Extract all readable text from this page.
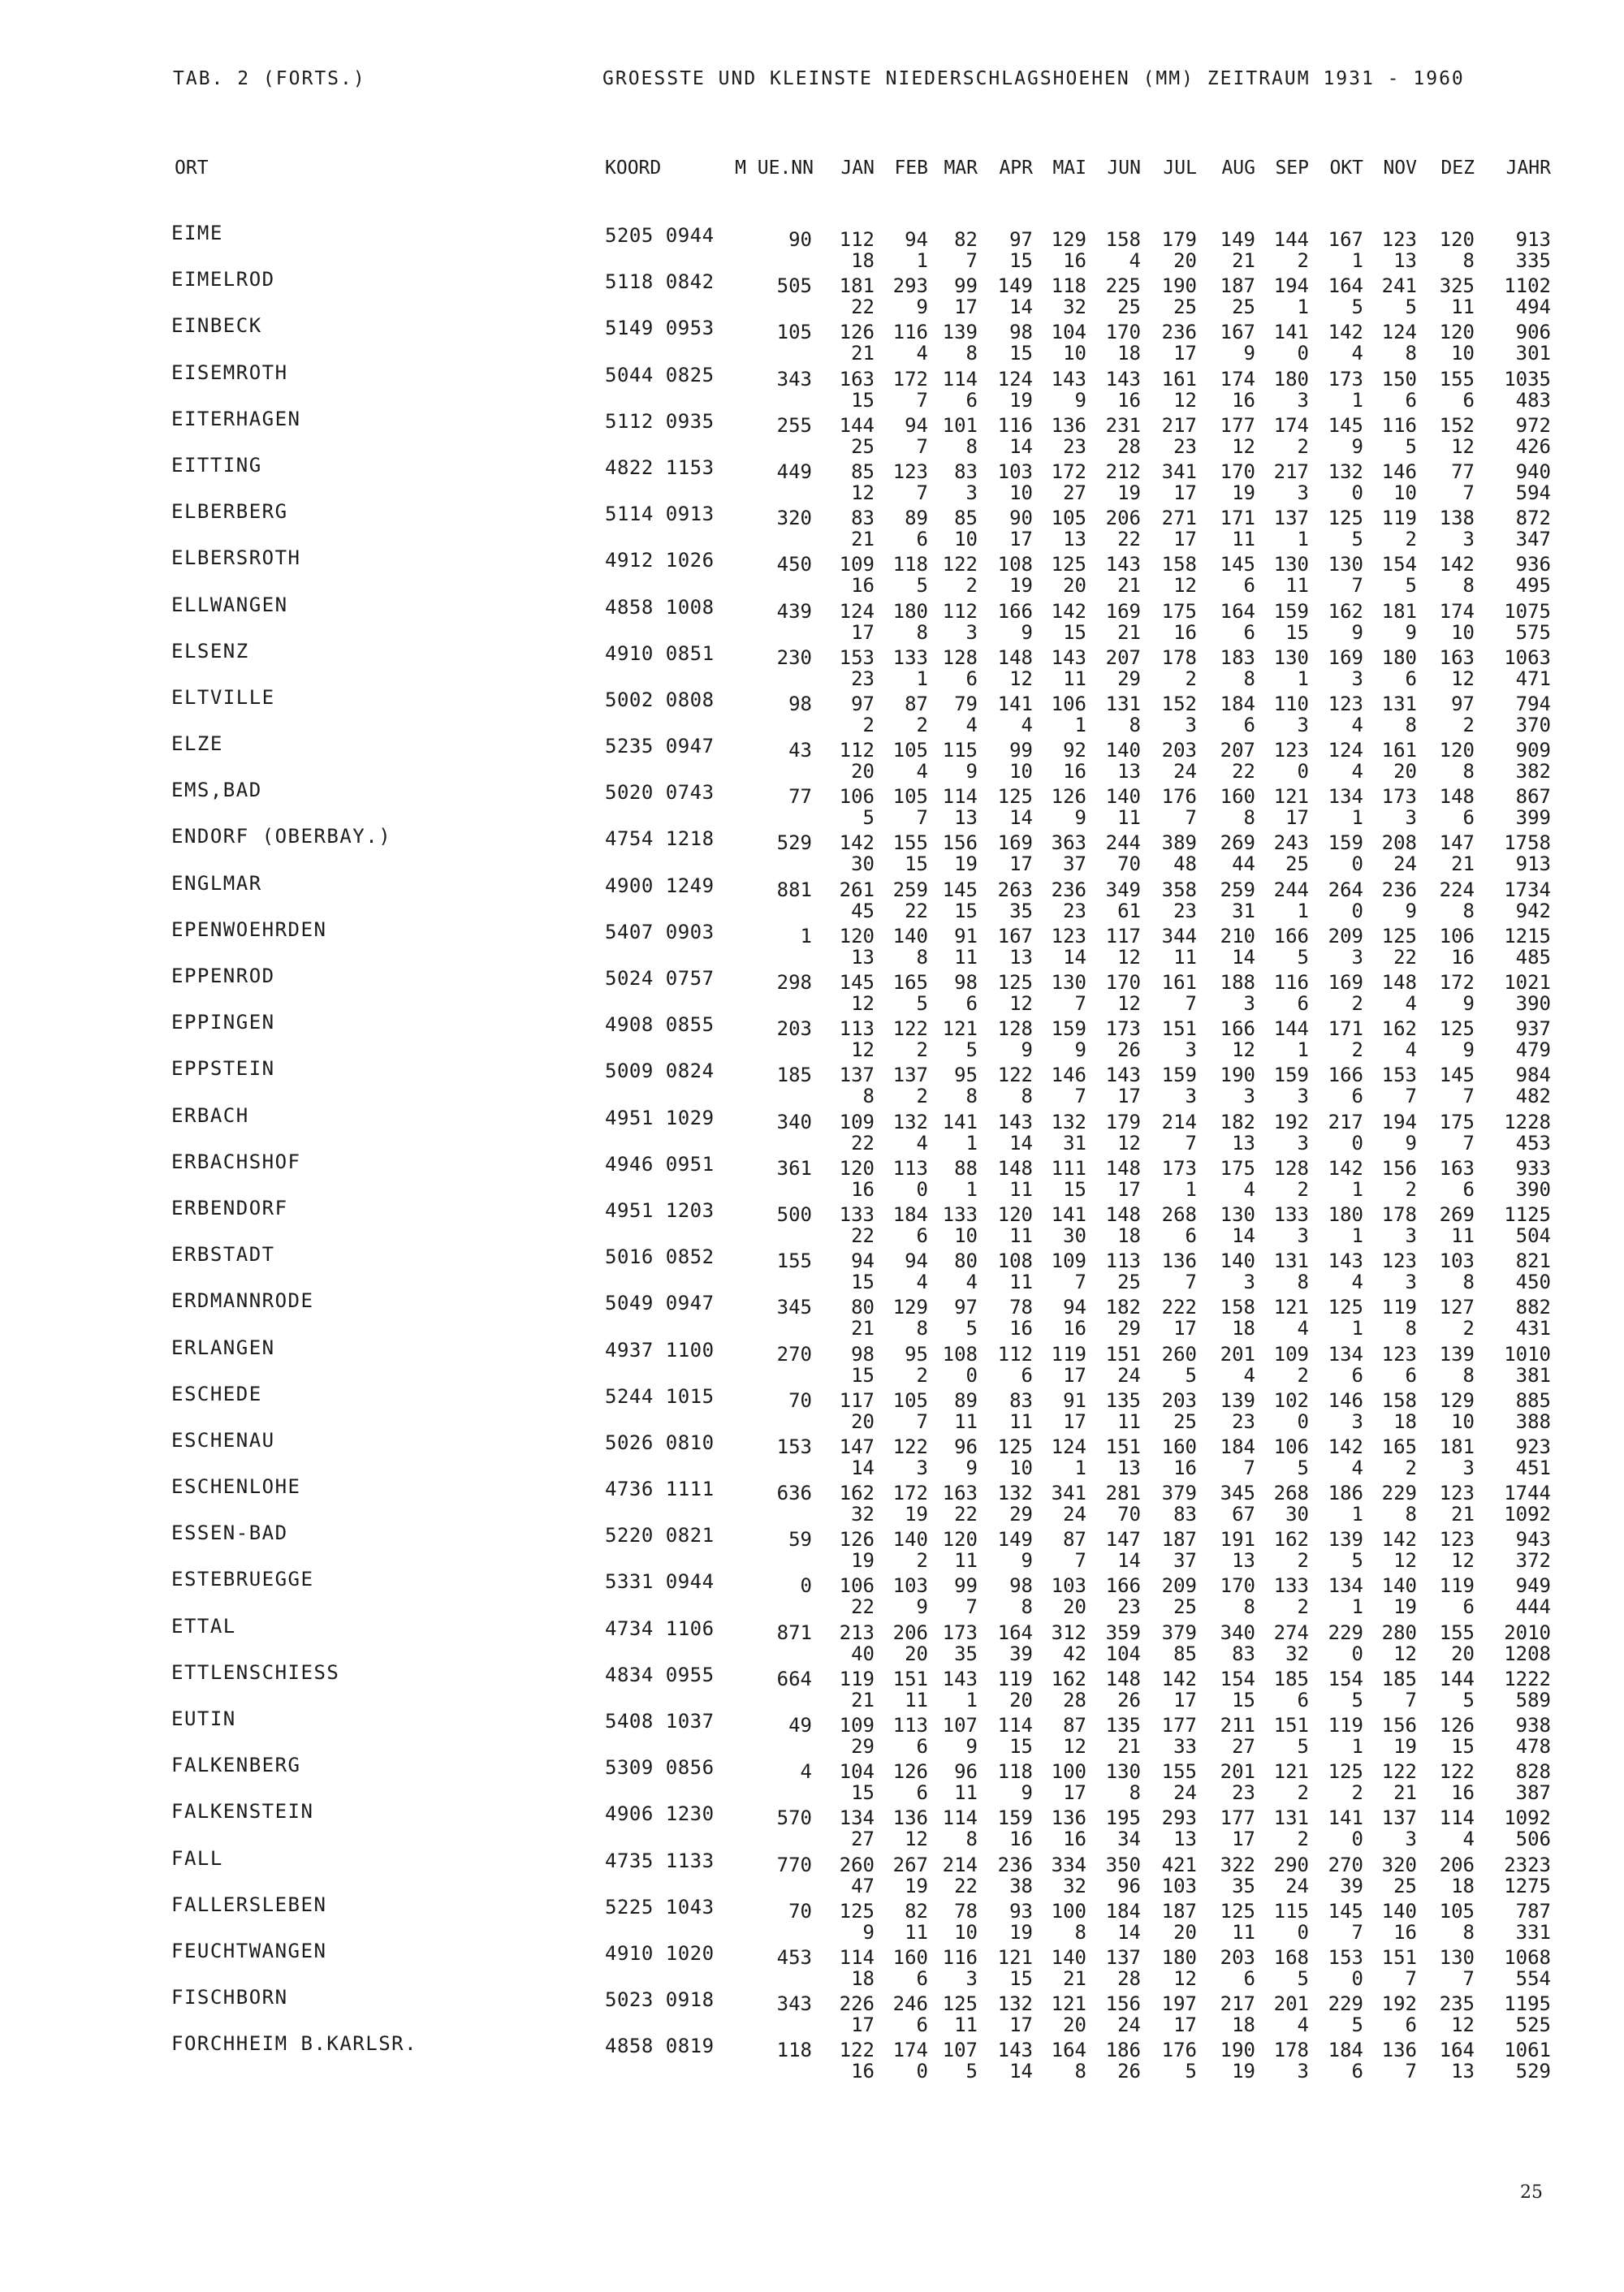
TAB. 2 (FORTS.)	GROESSTE UND KLEINSTE NIEDERSCHLAGSHOEHEN (MM) ZEITRAUM 1931 - 1960
ORT	KOORD	M UE.NN	JAN	FEB MAR	APR	MAI	JUN	JUL	AUG	SEP	OKT	NOV	DEZ	JAHR
EIME	5205 0944	90	112	94	82	97 129 158	179	149 144 167 123	120	913
18	1	7	15	16	4	20	21	2	1	13	8	335
EIMELROD	5118 0842	505	181 293	99	149 118 225	190	187 194 164 241	325	1102
22	9	17	14	32	25	25	25	1	5	5	11	494
EINBECK	5149 0953	105	126 116 139	98 104 170	236	167 141 142 124	120	906
21	4	8	15	10	18	17	9	0	4	8	10	301
EISEMROTH	5044 0825	343	163 172 114	124 143 143	161	174 180 173 150	155	1035
15	7	6	19	9	16	12	16	3	1	6	6	483
EITERHAGEN	5112 0935	255	144	94 101	116 136 231	217	177 174 145 116	152	972
25	7	8	14	23	28	23	12	2	9	5	12	426
EITTING	4822 1153	449	85 123	83	103 172 212	341	170 217 132 146	77	940
12	7	3	10	27	19	17	19	3	0	10	7	594
ELBERBERG	5114 0913	320	83	89	85	90 105 206	271	171 137 125 119	138	872
21	6	10	17	13	22	17	11	1	5	2	3	347
ELBERSROTH	4912 1026	450	109 118 122	108 125 143	158	145 130 130 154	142	936
16	5	2	19	20	21	12	6	11	7	5	8	495
ELLWANGEN	4858 1008	439	124 180 112	166 142 169	175	164 159 162 181	174	1075
17	8	3	9	15	21	16	6	15	9	9	10	575
ELSENZ	4910 0851	230	153 133 128	148 143 207	178	183 130 169 180	163	1063
23	1	6	12	11	29	2	8	1	3	6	12	471
ELTVILLE	5002 0808	98	97	87	79	141 106 131	152	184 110 123 131	97	794
2	2	4	4	1	8	3	6	3	4	8	2	370
ELZE	5235 0947	43	112 105 115	99	92 140	203	207 123 124 161	120	909
20	4	9	10	16	13	24	22	0	4	20	8	382
EMS,BAD	5020 0743	77	106 105 114	125 126 140	176	160 121 134 173	148	867
5	7	13	14	9	11	7	8	17	1	3	6	399
ENDORF (OBERBAY.)	4754 1218	529	142 155 156	169 363 244	389	269 243 159 208	147	1758
30	15	19	17	37	70	48	44	25	0	24	21	913
ENGLMAR	4900 1249	881	261 259 145	263 236 349	358	259 244 264 236	224	1734
45	22	15	35	23	61	23	31	1	0	9	8	942
EPENWOEHRDEN	5407 0903	1	120 140	91	167 123 117	344	210 166 209 125	106	1215
13	8	11	13	14	12	11	14	5	3	22	16	485
EPPENROD	5024 0757	298	145 165	98	125 130 170	161	188 116 169 148	172	1021
12	5	6	12	7	12	7	3	6	2	4	9	390
EPPINGEN	4908 0855	203	113 122 121	128 159 173	151	166 144 171 162	125	937
12	2	5	9	9	26	3	12	1	2	4	9	479
EPPSTEIN	5009 0824	185	137 137	95	122 146 143	159	190 159 166 153	145	984
8	2	8	8	7	17	3	3	3	6	7	7	482
ERBACH	4951 1029	340	109 132 141	143 132 179	214	182 192 217 194	175	1228
22	4	1	14	31	12	7	13	3	0	9	7	453
ERBACHSHOF	4946 0951	361	120 113	88	148 111 148	173	175 128 142 156	163	933
16	0	1	11	15	17	1	4	2	1	2	6	390
ERBENDORF	4951 1203	500	133 184 133	120 141 148	268	130 133 180 178	269	1125
22	6	10	11	30	18	6	14	3	1	3	11	504
ERBSTADT	5016 0852	155	94	94	80	108 109 113	136	140 131 143 123	103	821
15	4	4	11	7	25	7	3	8	4	3	8	450
ERDMANNRODE	5049 0947	345	80 129	97	78	94 182	222	158 121 125 119	127	882
21	8	5	16	16	29	17	18	4	1	8	2	431
ERLANGEN	4937 1100	270	98	95 108	112 119 151	260	201 109 134 123	139	1010
15	2	0	6	17	24	5	4	2	6	6	8	381
ESCHEDE	5244 1015	70	117 105	89	83	91 135	203	139 102 146 158	129	885
20	7	11	11	17	11	25	23	0	3	18	10	388
ESCHENAU	5026 0810	153	147 122	96	125 124 151	160	184 106 142 165	181	923
14	3	9	10	1	13	16	7	5	4	2	3	451
ESCHENLOHE	4736 1111	636	162 172 163	132 341 281	379	345 268 186 229	123	1744
32	19	22	29	24	70	83	67	30	1	8	21	1092
ESSEN-BAD	5220 0821	59	126 140 120	149	87 147	187	191 162 139 142	123	943
19	2	11	9	7	14	37	13	2	5	12	12	372
ESTEBRUEGGE	5331 0944	0	106 103	99	98 103 166	209	170 133 134 140	119	949
22	9	7	8	20	23	25	8	2	1	19	6	444
ETTAL	4734 1106	871	213 206 173	164 312 359	379	340 274 229 280	155	2010
40	20	35	39	42 104	85	83	32	0	12	20	1208
ETTLENSCHIESS	4834 0955	664	119 151 143	119 162 148	142	154 185 154 185	144	1222
21	11	1	20	28	26	17	15	6	5	7	5	589
EUTIN	5408 1037	49	109 113 107	114	87 135	177	211 151 119 156	126	938
29	6	9	15	12	21	33	27	5	1	19	15	478
FALKENBERG	5309 0856	4	104 126	96	118 100 130	155	201 121 125 122	122	828
15	6	11	9	17	8	24	23	2	2	21	16	387
FALKENSTEIN	4906 1230	570	134 136 114	159 136 195	293	177 131 141 137	114	1092
27	12	8	16	16	34	13	17	2	0	3	4	506
FALL	4735 1133	770	260 267 214	236 334 350	421	322 290 270 320	206	2323
47	19	22	38	32	96	103	35	24	39	25	18	1275
FALLERSLEBEN	5225 1043	70	125	82	78	93 100 184	187	125 115 145 140	105	787
9	11	10	19	8	14	20	11	0	7	16	8	331
FEUCHTWANGEN	4910 1020	453	114 160 116	121 140 137	180	203 168 153 151	130	1068
18	6	3	15	21	28	12	6	5	0	7	7	554
FISCHBORN	5023 0918	343	226 246 125	132 121 156	197	217 201 229 192	235	1195
17	6	11	17	20	24	17	18	4	5	6	12	525
FORCHHEIM B.KARLSR.	4858 0819	118	122 174 107	143 164 186	176	190 178 184 136	164	1061
16	0	5	14	8	26	5	19	3	6	7	13	529
25
